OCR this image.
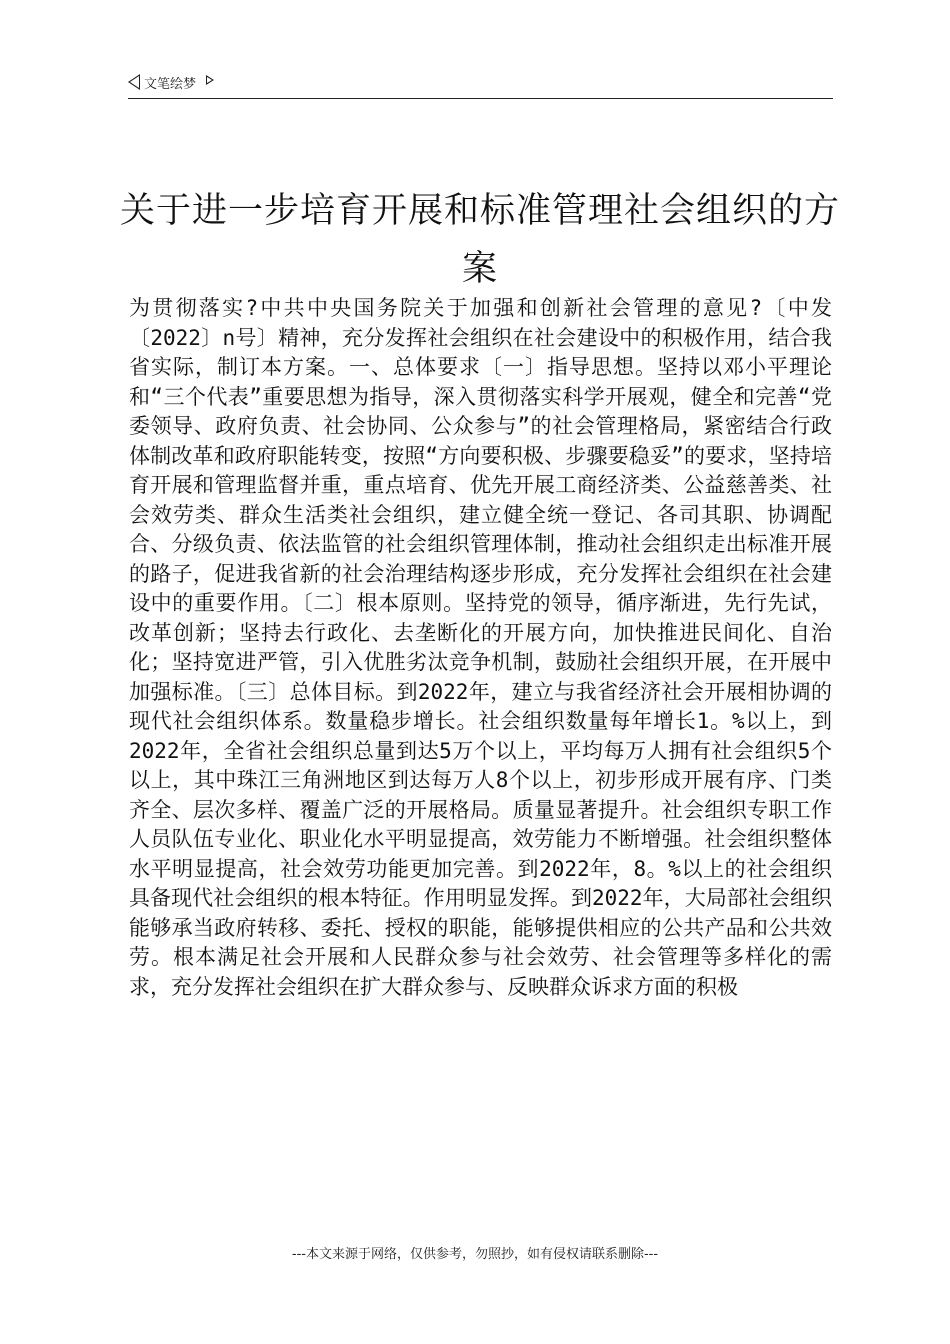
文笔绘梦
关于进一步培育开展和标准管理社会组织的方案

为贯彻落实?中共中央国务院关于加强和创新社会管理的意见?〔中发〔2022〕n号〕精神，充分发挥社会组织在社会建设中的积极作用，结合我省实际，制订本方案。一、总体要求〔一〕指导思想。坚持以邓小平理论和“三个代表”重要思想为指导，深入贯彻落实科学开展观，健全和完善“党委领导、政府负责、社会协同、公众参与”的社会管理格局，紧密结合行政体制改革和政府职能转变，按照“方向要积极、步骤要稳妥”的要求，坚持培育开展和管理监督并重，重点培育、优先开展工商经济类、公益慈善类、社会效劳类、群众生活类社会组织，建立健全统一登记、各司其职、协调配合、分级负责、依法监管的社会组织管理体制，推动社会组织走出标准开展的路子，促进我省新的社会治理结构逐步形成，充分发挥社会组织在社会建设中的重要作用。〔二〕根本原则。坚持党的领导，循序渐进，先行先试，改革创新；坚持去行政化、去垄断化的开展方向，加快推进民间化、自治化；坚持宽进严管，引入优胜劣汰竞争机制，鼓励社会组织开展，在开展中加强标准。〔三〕总体目标。到2022年，建立与我省经济社会开展相协调的现代社会组织体系。数量稳步增长。社会组织数量每年增长1。%以上，到2022年，全省社会组织总量到达5万个以上，平均每万人拥有社会组织5个以上，其中珠江三角洲地区到达每万人8个以上，初步形成开展有序、门类齐全、层次多样、覆盖广泛的开展格局。质量显著提升。社会组织专职工作人员队伍专业化、职业化水平明显提高，效劳能力不断增强。社会组织整体水平明显提高，社会效劳功能更加完善。到2022年，8。%以上的社会组织具备现代社会组织的根本特征。作用明显发挥。到2022年，大局部社会组织能够承当政府转移、委托、授权的职能，能够提供相应的公共产品和公共效劳。根本满足社会开展和人民群众参与社会效劳、社会管理等多样化的需求，充分发挥社会组织在扩大群众参与、反映群众诉求方面的积极

---本文来源于网络，仅供参考，勿照抄，如有侵权请联系删除---
